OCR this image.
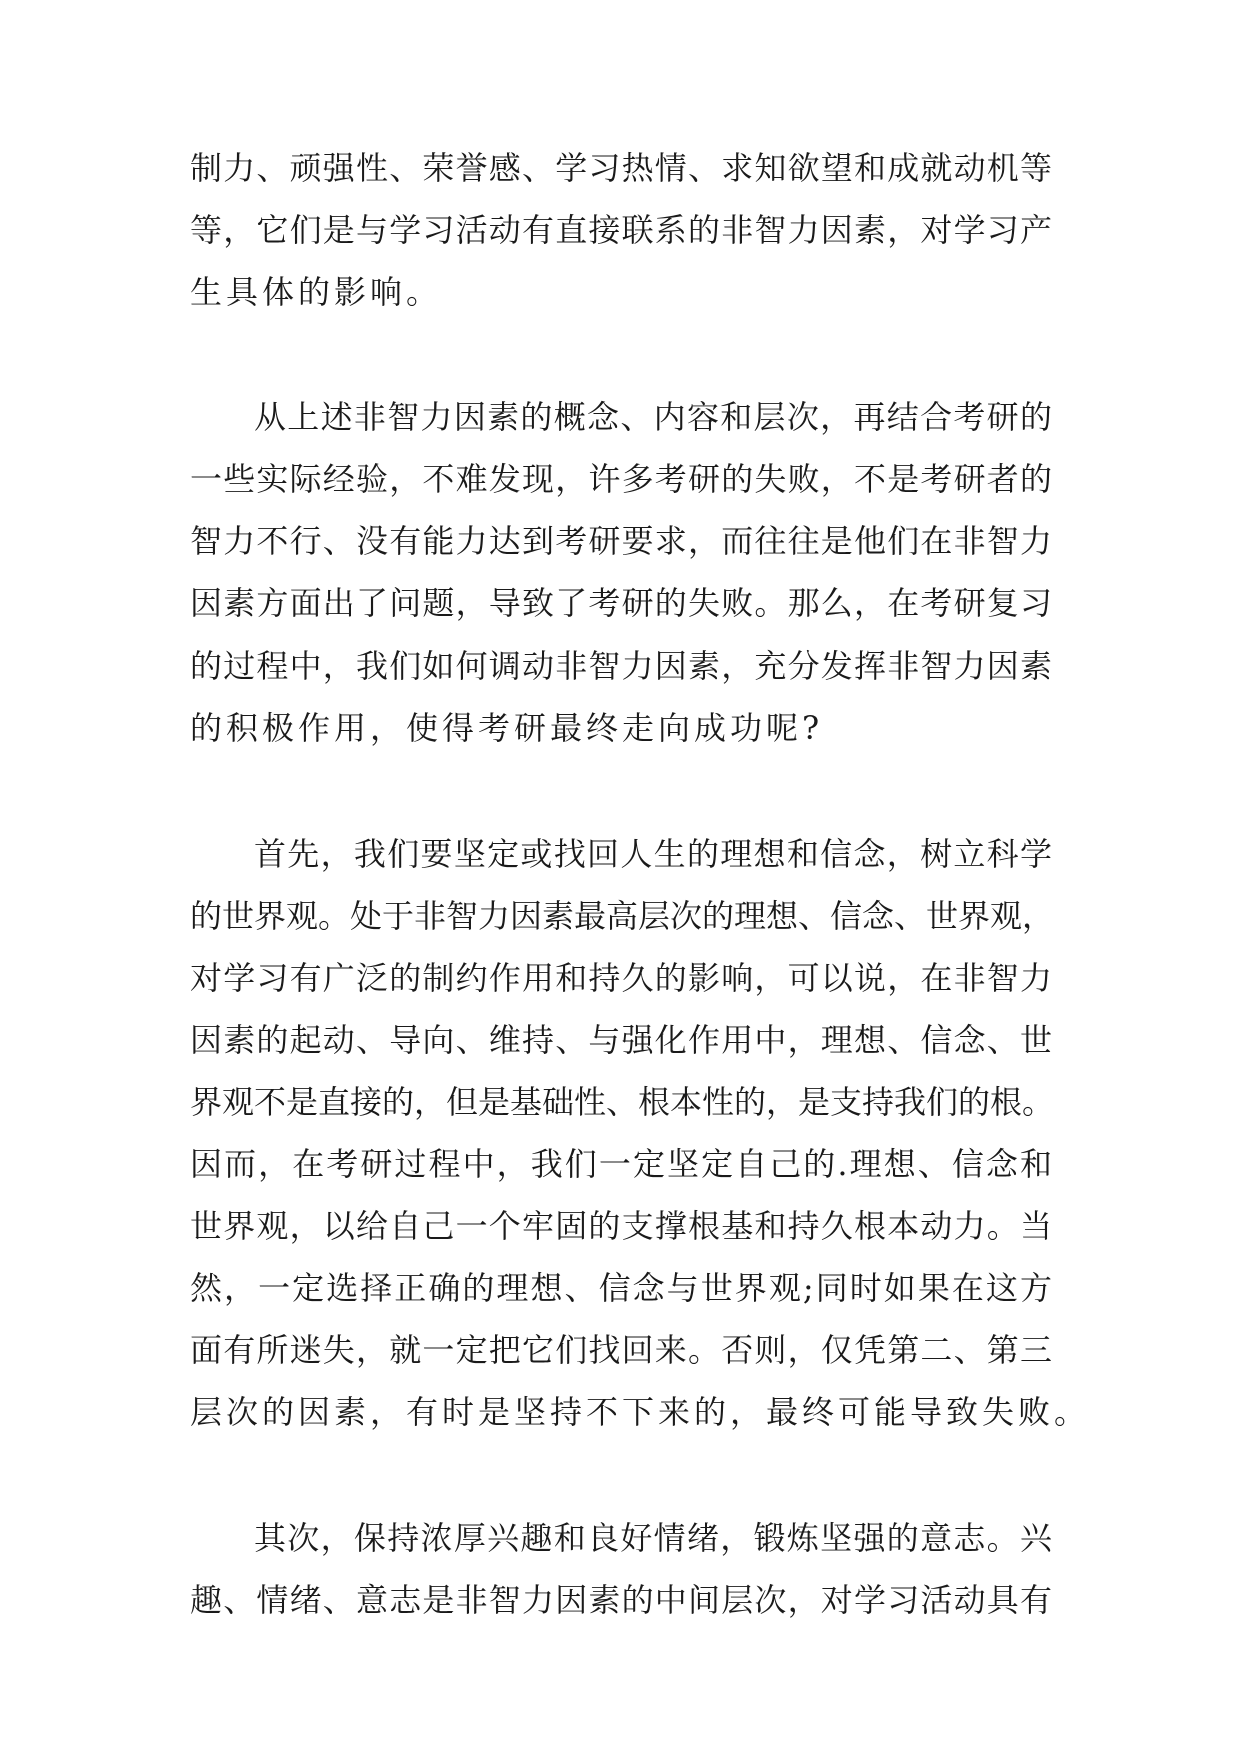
制力、顽强性、荣誉感、学习热情、求知欲望和成就动机等

等，它们是与学习活动有直接联系的非智力因素，对学习产

生具体的影响。

从上述非智力因素的概念、内容和层次，再结合考研的

一些实际经验，不难发现，许多考研的失败，不是考研者的

智力不行、没有能力达到考研要求，而往往是他们在非智力

因素方面出了问题，导致了考研的失败。那么，在考研复习

的过程中，我们如何调动非智力因素，充分发挥非智力因素

的积极作用，使得考研最终走向成功呢?

首先，我们要坚定或找回人生的理想和信念，树立科学

的世界观。处于非智力因素最高层次的理想、信念、世界观，

对学习有广泛的制约作用和持久的影响，可以说，在非智力

因素的起动、导向、维持、与强化作用中，理想、信念、世

界观不是直接的，但是基础性、根本性的，是支持我们的根。

因而，在考研过程中，我们一定坚定自己的.理想、信念和

世界观，以给自己一个牢固的支撑根基和持久根本动力。当

然，一定选择正确的理想、信念与世界观;同时如果在这方

面有所迷失，就一定把它们找回来。否则，仅凭第二、第三

层次的因素，有时是坚持不下来的，最终可能导致失败。

其次，保持浓厚兴趣和良好情绪，锻炼坚强的意志。兴

趣、情绪、意志是非智力因素的中间层次，对学习活动具有
